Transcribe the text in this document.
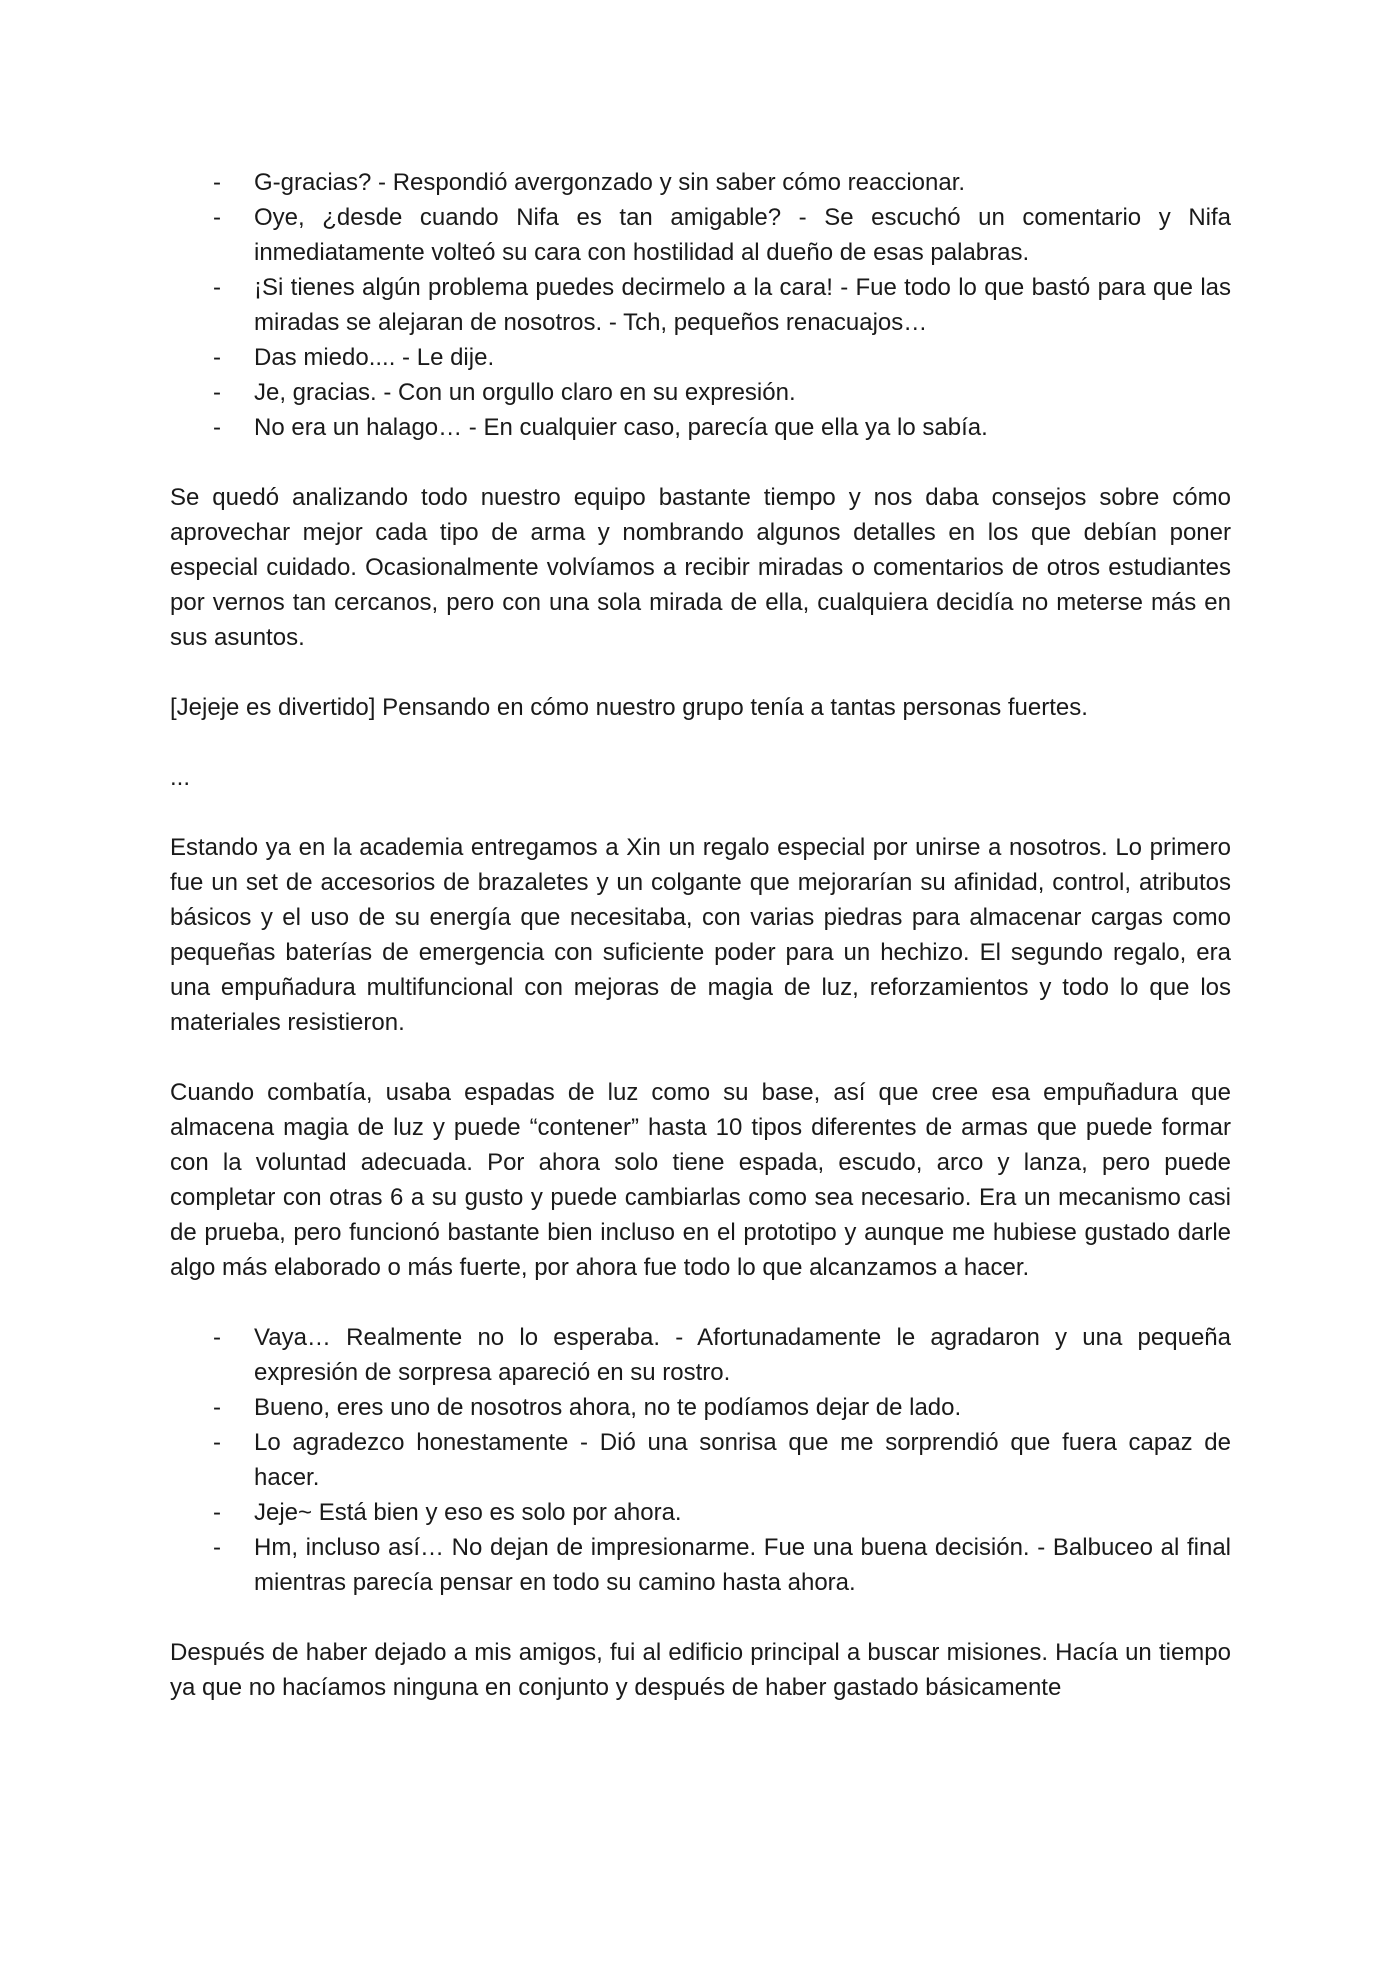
- G-gracias? - Respondió avergonzado y sin saber cómo reaccionar.
- Oye, ¿desde cuando Nifa es tan amigable? - Se escuchó un comentario y Nifa inmediatamente volteó su cara con hostilidad al dueño de esas palabras.
- ¡Si tienes algún problema puedes decirmelo a la cara! - Fue todo lo que bastó para que las miradas se alejaran de nosotros. - Tch, pequeños renacuajos…
- Das miedo.... - Le dije.
- Je, gracias. - Con un orgullo claro en su expresión.
- No era un halago… - En cualquier caso, parecía que ella ya lo sabía.

Se quedó analizando todo nuestro equipo bastante tiempo y nos daba consejos sobre cómo aprovechar mejor cada tipo de arma y nombrando algunos detalles en los que debían poner especial cuidado. Ocasionalmente volvíamos a recibir miradas o comentarios de otros estudiantes por vernos tan cercanos, pero con una sola mirada de ella, cualquiera decidía no meterse más en sus asuntos.

[Jejeje es divertido] Pensando en cómo nuestro grupo tenía a tantas personas fuertes.

...

Estando ya en la academia entregamos a Xin un regalo especial por unirse a nosotros. Lo primero fue un set de accesorios de brazaletes y un colgante que mejorarían su afinidad, control, atributos básicos y el uso de su energía que necesitaba, con varias piedras para almacenar cargas como pequeñas baterías de emergencia con suficiente poder para un hechizo. El segundo regalo, era una empuñadura multifuncional con mejoras de magia de luz, reforzamientos y todo lo que los materiales resistieron.

Cuando combatía, usaba espadas de luz como su base, así que cree esa empuñadura que almacena magia de luz y puede “contener” hasta 10 tipos diferentes de armas que puede formar con la voluntad adecuada. Por ahora solo tiene espada, escudo, arco y lanza, pero puede completar con otras 6 a su gusto y puede cambiarlas como sea necesario. Era un mecanismo casi de prueba, pero funcionó bastante bien incluso en el prototipo y aunque me hubiese gustado darle algo más elaborado o más fuerte, por ahora fue todo lo que alcanzamos a hacer.

- Vaya… Realmente no lo esperaba. - Afortunadamente le agradaron y una pequeña expresión de sorpresa apareció en su rostro.
- Bueno, eres uno de nosotros ahora, no te podíamos dejar de lado.
- Lo agradezco honestamente - Dió una sonrisa que me sorprendió que fuera capaz de hacer.
- Jeje~ Está bien y eso es solo por ahora.
- Hm, incluso así… No dejan de impresionarme. Fue una buena decisión. - Balbuceo al final mientras parecía pensar en todo su camino hasta ahora.

Después de haber dejado a mis amigos, fui al edificio principal a buscar misiones. Hacía un tiempo ya que no hacíamos ninguna en conjunto y después de haber gastado básicamente
